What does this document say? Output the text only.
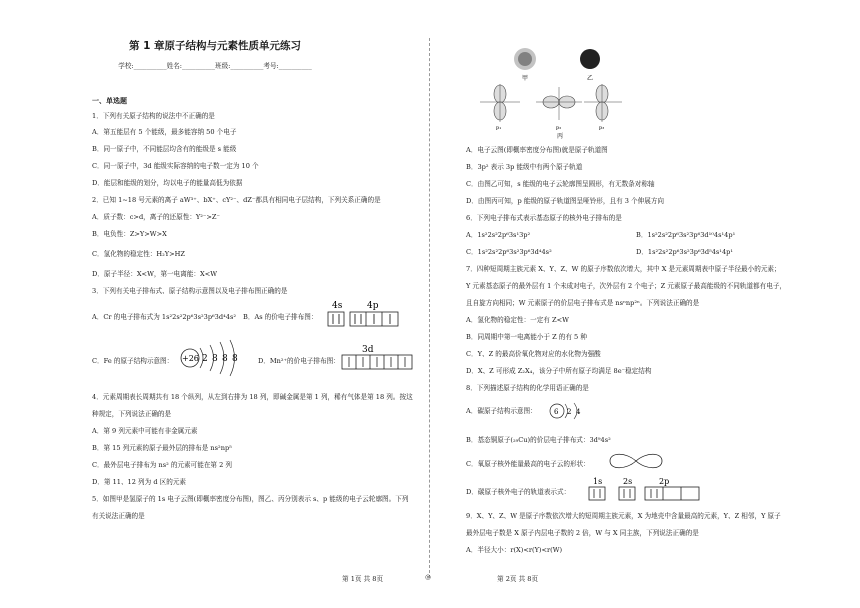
第 1 章原子结构与元素性质单元练习
学校:__________姓名:__________班级:__________考号:__________
一、单选题
1．下列有关原子结构的说法中不正确的是
A．第五能层有 5 个能级，最多能容纳 50 个电子
B．同一原子中，不同能层均含有的能级是 s 能级
C．同一原子中，3d 能级实际容纳的电子数一定为 10 个
D．能层和能级的划分，均以电子的能量高低为依据
2．已知 1~18 号元素的离子 aW³⁺、bX⁺、cY²⁻、dZ⁻都具有相同电子层结构，下列关系正确的是
A．质子数：c>d，离子的还原性：Y²⁻>Z⁻
B．电负性：Z>Y>W>X
C．氢化物的稳定性：H₂Y>HZ
D．原子半径：X<W，第一电离能：X<W
3．下列有关电子排布式、原子结构示意图以及电子排布图正确的是
A．Cr 的电子排布式为 1s²2s²2p⁶3s²3p⁶3d⁴4s² B．As 的价电子排布图：
4s	4p
C．Fe 的原子结构示意图： +26 2 8 8 8	D．Mn²⁺的价电子排布图：
3d
4．元素周期表长周期共有 18 个纵列，从左到右排为 18 列，即碱金属是第 1 列，稀有气体是第 18 列。按这
种规定，下列说法正确的是
A．第 9 列元素中可能有非金属元素
B．第 15 列元素的原子最外层的排布是 ns²np⁵
C．最外层电子排布为 ns² 的元素可能在第 2 列
D．第 11、12 列为 d 区的元素
5．如图甲是氢原子的 1s 电子云图(即概率密度分布图)，图乙、丙分别表示 s、p 能级的电子云轮廓图。下列
有关说法正确的是
甲	乙
p₁	p₂	p₃
丙
A．电子云图(即概率密度分布图)就是原子轨道图
B．3p² 表示 3p 能级中有两个原子轨道
C．由图乙可知，s 能级的电子云轮廓图呈圆形，有无数条对称轴
D．由图丙可知，p 能级的原子轨道图呈哑铃形，且有 3 个伸展方向
6．下列电子排布式表示基态原子的核外电子排布的是
A．1s²2s²2p⁶3s¹3p²	B．1s²2s²2p⁶3s²3p⁶3d¹⁰4s¹4p¹
C．1s²2s²2p⁶3s²3p⁶3d⁴4s²	D．1s²2s²2p⁶3s²3p⁶3d⁵4s¹4p¹
7．四种短周期主族元素 X、Y、Z、W 的原子序数依次增大，其中 X 是元素周期表中原子半径最小的元素；
Y 元素基态原子的最外层有 1 个未成对电子，次外层有 2 个电子；Z 元素原子最高能级的不同轨道都有电子，
且自旋方向相同；W 元素原子的价层电子排布式是 nsⁿnp²ⁿ。下列说法正确的是
A．氢化物的稳定性：一定有 Z<W
B．同周期中第一电离能小于 Z 的有 5 种
C．Y、Z 的最高价氧化物对应的水化物为强酸
D．X、Z 可形成 Z₂X₄，该分子中所有原子均满足 8e⁻稳定结构
8．下列描述原子结构的化学用语正确的是
A．碳原子结构示意图： 6 2 4
B．基态铜原子(₂₉Cu)的价层电子排布式：3d⁹4s²
C．氧原子核外能量最高的电子云的形状：
D．碳原子核外电子的轨道表示式：
1s	2s	2p
9．X、Y、Z、W 是原子序数依次增大的短周期主族元素，X 为地壳中含量最高的元素，Y、Z 相邻，Y 原子
最外层电子数是 X 原子内层电子数的 2 倍，W 与 X 同主族，下列说法正确的是
A．半径大小：r(X)<r(Y)<r(W)
第 1页 共 8页	◎	第 2页 共 8页
